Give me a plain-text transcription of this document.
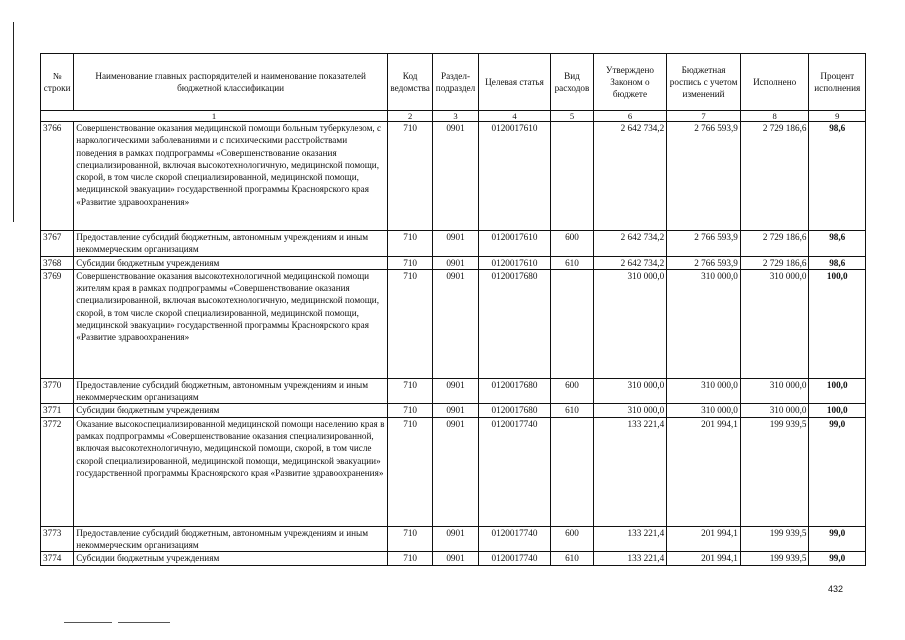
№ строки	Наименование главных распорядителей и наименование показателей бюджетной классификации	Код ведомства	Раздел-подраздел	Целевая статья	Вид расходов	Утверждено Законом о бюджете	Бюджетная роспись с учетом изменений	Исполнено	Процент исполнения
1		2	3	4	5	6	7	8	9
3766	Совершенствование оказания медицинской помощи больным туберкулезом, с наркологическими заболеваниями и с психическими расстройствами поведения в рамках подпрограммы «Совершенствование оказания специализированной, включая высокотехнологичную, медицинской помощи, скорой, в том числе скорой специализированной, медицинской помощи, медицинской эвакуации» государственной программы Красноярского края «Развитие здравоохранения»	710	0901	0120017610		2 642 734,2	2 766 593,9	2 729 186,6	98,6
3767	Предоставление субсидий бюджетным, автономным учреждениям и иным некоммерческим организациям	710	0901	0120017610	600	2 642 734,2	2 766 593,9	2 729 186,6	98,6
3768	Субсидии бюджетным учреждениям	710	0901	0120017610	610	2 642 734,2	2 766 593,9	2 729 186,6	98,6
3769	Совершенствование оказания высокотехнологичной медицинской помощи жителям края в рамках подпрограммы «Совершенствование оказания специализированной, включая высокотехнологичную, медицинской помощи, скорой, в том числе скорой специализированной, медицинской помощи, медицинской эвакуации» государственной программы Красноярского края «Развитие здравоохранения»	710	0901	0120017680		310 000,0	310 000,0	310 000,0	100,0
3770	Предоставление субсидий бюджетным, автономным учреждениям и иным некоммерческим организациям	710	0901	0120017680	600	310 000,0	310 000,0	310 000,0	100,0
3771	Субсидии бюджетным учреждениям	710	0901	0120017680	610	310 000,0	310 000,0	310 000,0	100,0
3772	Оказание высокоспециализированной медицинской помощи населению края в рамках подпрограммы «Совершенствование оказания специализированной, включая высокотехнологичную, медицинской помощи, скорой, в том числе скорой специализированной, медицинской помощи, медицинской эвакуации» государственной программы Красноярского края «Развитие здравоохранения»	710	0901	0120017740		133 221,4	201 994,1	199 939,5	99,0
3773	Предоставление субсидий бюджетным, автономным учреждениям и иным некоммерческим организациям	710	0901	0120017740	600	133 221,4	201 994,1	199 939,5	99,0
3774	Субсидии бюджетным учреждениям	710	0901	0120017740	610	133 221,4	201 994,1	199 939,5	99,0
432
